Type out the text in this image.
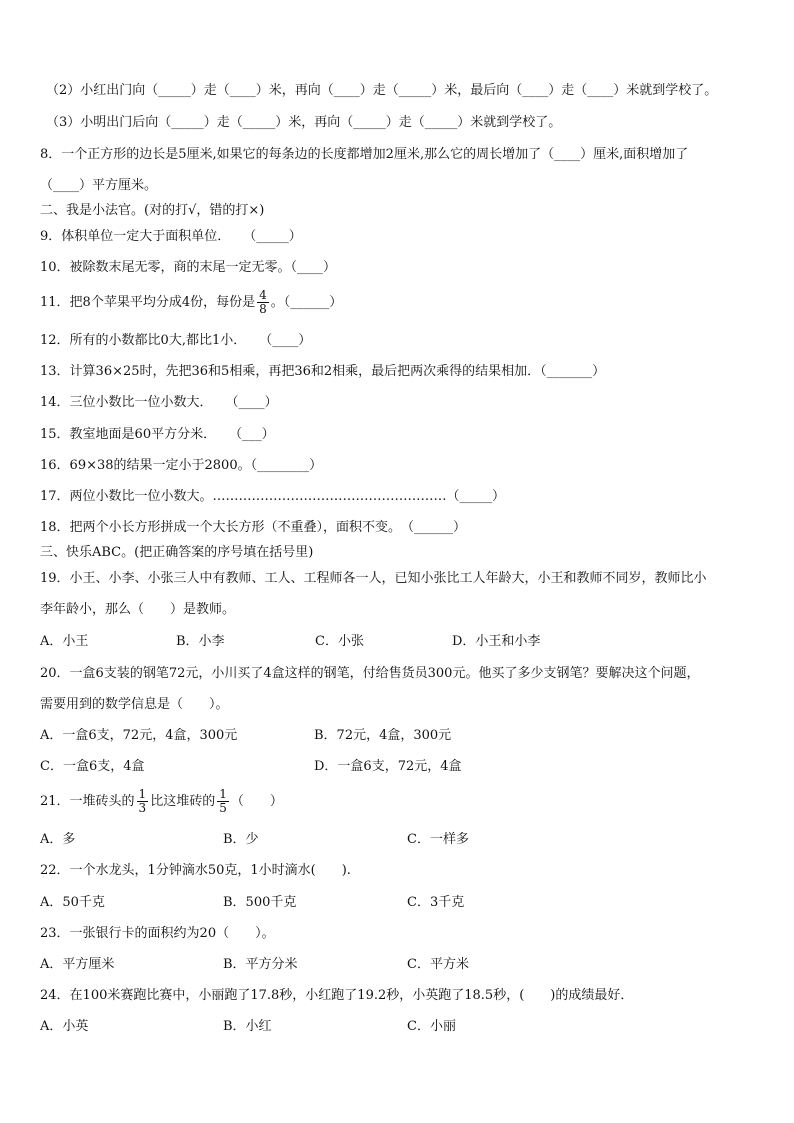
（2）小红出门向（_____）走（____）米，再向（____）走（_____）米，最后向（____）走（____）米就到学校了。
（3）小明出门后向（_____）走（_____）米，再向（_____）走（_____）米就到学校了。
8．一个正方形的边长是5厘米,如果它的每条边的长度都增加2厘米,那么它的周长增加了（____）厘米,面积增加了
（____）平方厘米。
二、我是小法官。(对的打√，错的打×)
9．体积单位一定大于面积单位．　　（_____）
10．被除数末尾无零，商的末尾一定无零。（____）
11．把8个苹果平均分成4份，每份是 $\frac{4}{8}$ 。（______）
12．所有的小数都比0大,都比1小．　　（____）
13．计算36×25时，先把36和5相乘，再把36和2相乘，最后把两次乘得的结果相加．（_______）
14．三位小数比一位小数大．　　（____）
15．教室地面是60平方分米．　　（___）
16．69×38的结果一定小于2800。（________）
17．两位小数比一位小数大。………………………………………………（_____）
18．把两个小长方形拼成一个大长方形（不重叠），面积不变。　（______）
三、快乐ABC。(把正确答案的序号填在括号里)
19．小王、小李、小张三人中有教师、工人、工程师各一人，已知小张比工人年龄大，小王和教师不同岁，教师比小
李年龄小，那么（　　）是教师。
A．小王	B．小李	C．小张	D．小王和小李
20．一盒6支装的钢笔72元，小川买了4盒这样的钢笔，付给售货员300元。他买了多少支钢笔？要解决这个问题，
需要用到的数学信息是（　　）。
A．一盒6支，72元，4盒，300元	B．72元，4盒，300元
C．一盒6支，4盒	D．一盒6支，72元，4盒
21．一堆砖头的 $\frac{1}{3}$ 比这堆砖的 $\frac{1}{5}$ （　　）
A．多	B．少	C．一样多
22．一个水龙头，1分钟滴水50克，1小时滴水(　　).
A．50千克	B．500千克	C．3千克
23．一张银行卡的面积约为20（　　）。
A．平方厘米	B．平方分米	C．平方米
24．在100米赛跑比赛中，小丽跑了17.8秒，小红跑了19.2秒，小英跑了18.5秒，(　　)的成绩最好．
A．小英	B．小红	C．小丽
